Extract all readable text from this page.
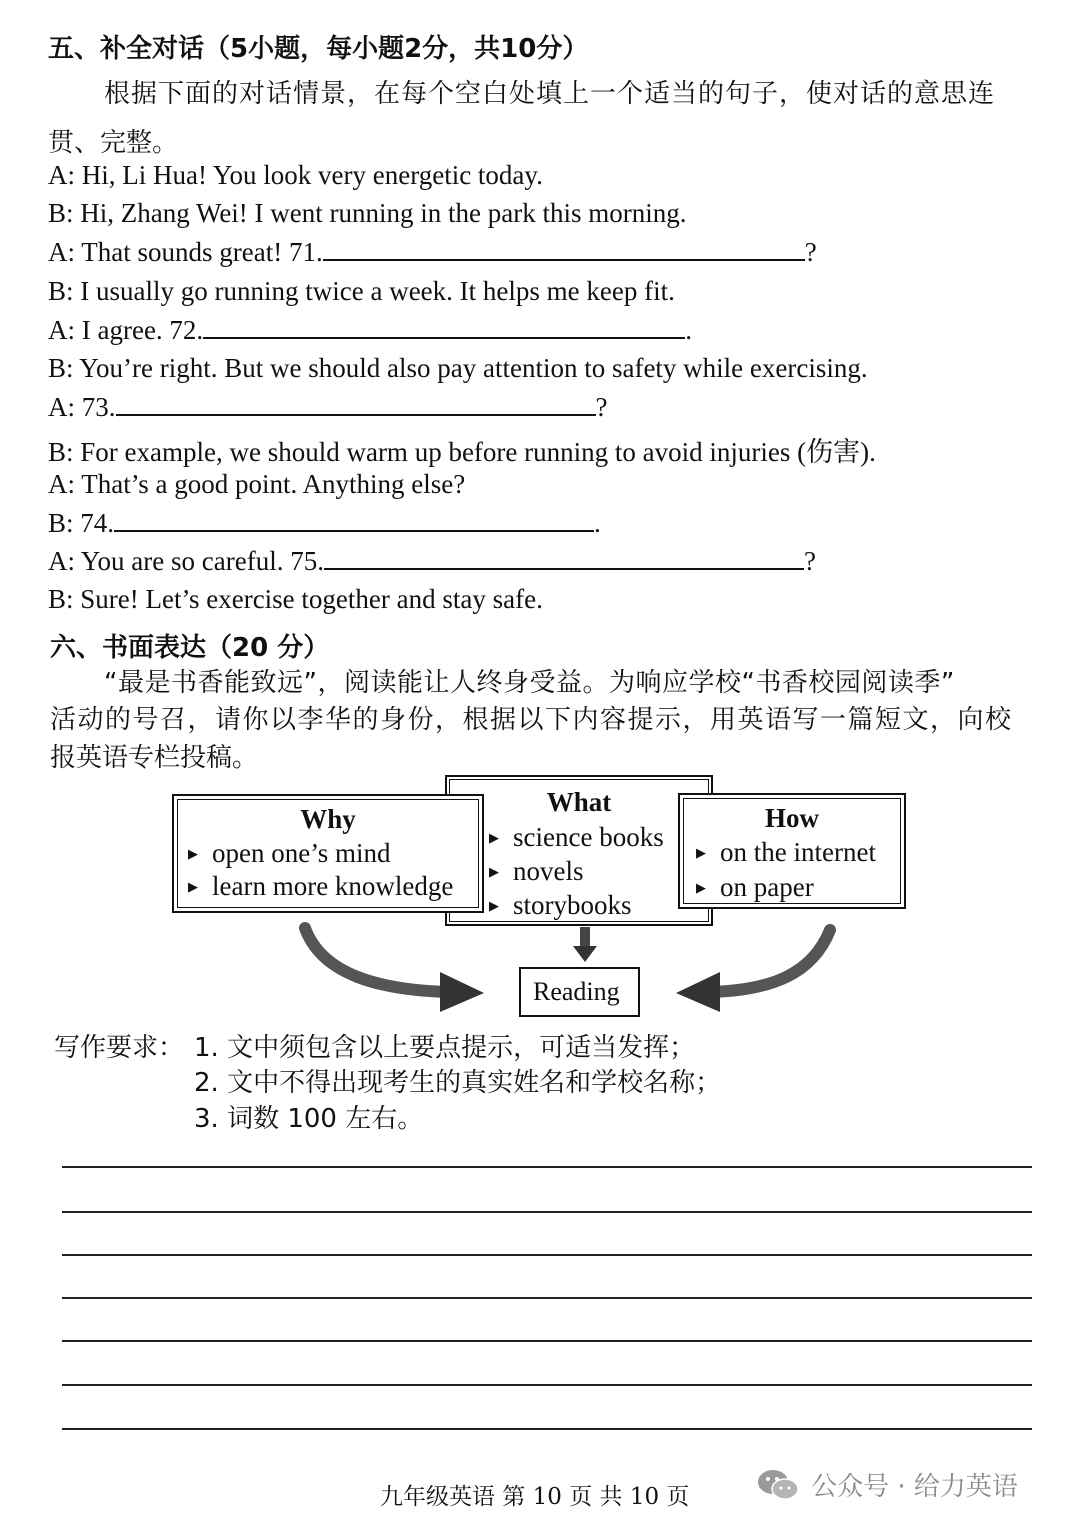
五、补全对话（5小题，每小题2分，共10分）
根据下面的对话情景，在每个空白处填上一个适当的句子，使对话的意思连
贯、完整。
A: Hi, Li Hua! You look very energetic today.
B: Hi, Zhang Wei! I went running in the park this morning.
A: That sounds great! 71.	?
B: I usually go running twice a week. It helps me keep fit.
A: I agree. 72.	.
B: You’re right. But we should also pay attention to safety while exercising.
A: 73.	?
B: For example, we should warm up before running to avoid injuries (伤害).
A: That’s a good point. Anything else?
B: 74.	.
A: You are so careful. 75.	?
B: Sure! Let’s exercise together and stay safe.
六、书面表达（20 分）
“最是书香能致远”，阅读能让人终身受益。为响应学校“书香校园阅读季”
活动的号召，请你以李华的身份，根据以下内容提示，用英语写一篇短文，向校
报英语专栏投稿。
What
▶ science books
▶ novels
▶ storybooks
Why
▶ open one’s mind
▶ learn more knowledge
How
▶ on the internet
▶ on paper
Reading
写作要求： 1. 文中须包含以上要点提示，可适当发挥；
2. 文中不得出现考生的真实姓名和学校名称；
3. 词数 100 左右。
九年级英语 第 10 页 共 10 页	公众号 · 给力英语
